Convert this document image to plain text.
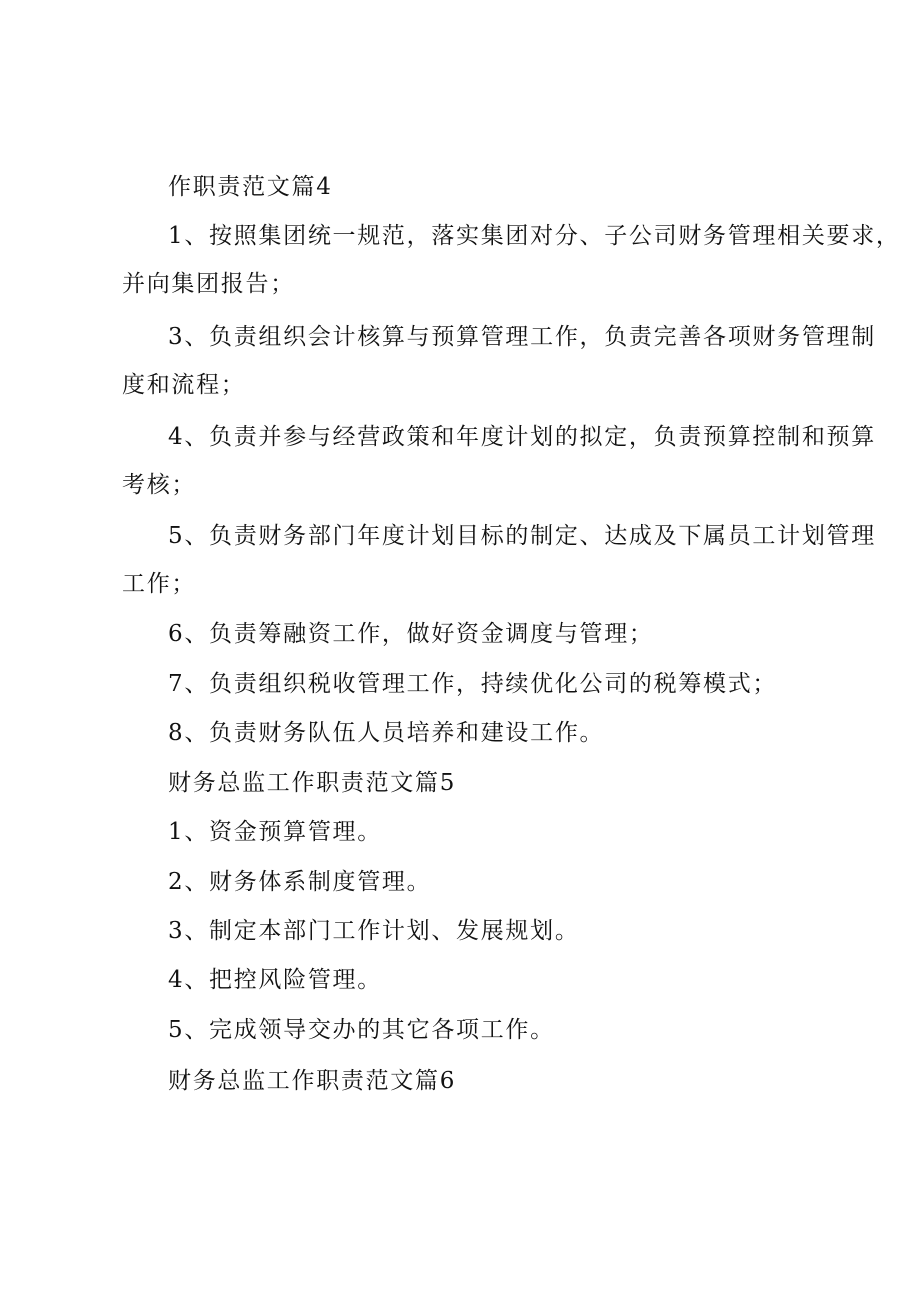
作职责范文篇4

1、按照集团统一规范，落实集团对分、子公司财务管理相关要求，

并向集团报告；

3、负责组织会计核算与预算管理工作，负责完善各项财务管理制

度和流程；

4、负责并参与经营政策和年度计划的拟定，负责预算控制和预算

考核；

5、负责财务部门年度计划目标的制定、达成及下属员工计划管理

工作；

6、负责筹融资工作，做好资金调度与管理；

7、负责组织税收管理工作，持续优化公司的税筹模式；

8、负责财务队伍人员培养和建设工作。

财务总监工作职责范文篇5

1、资金预算管理。

2、财务体系制度管理。

3、制定本部门工作计划、发展规划。

4、把控风险管理。

5、完成领导交办的其它各项工作。

财务总监工作职责范文篇6
